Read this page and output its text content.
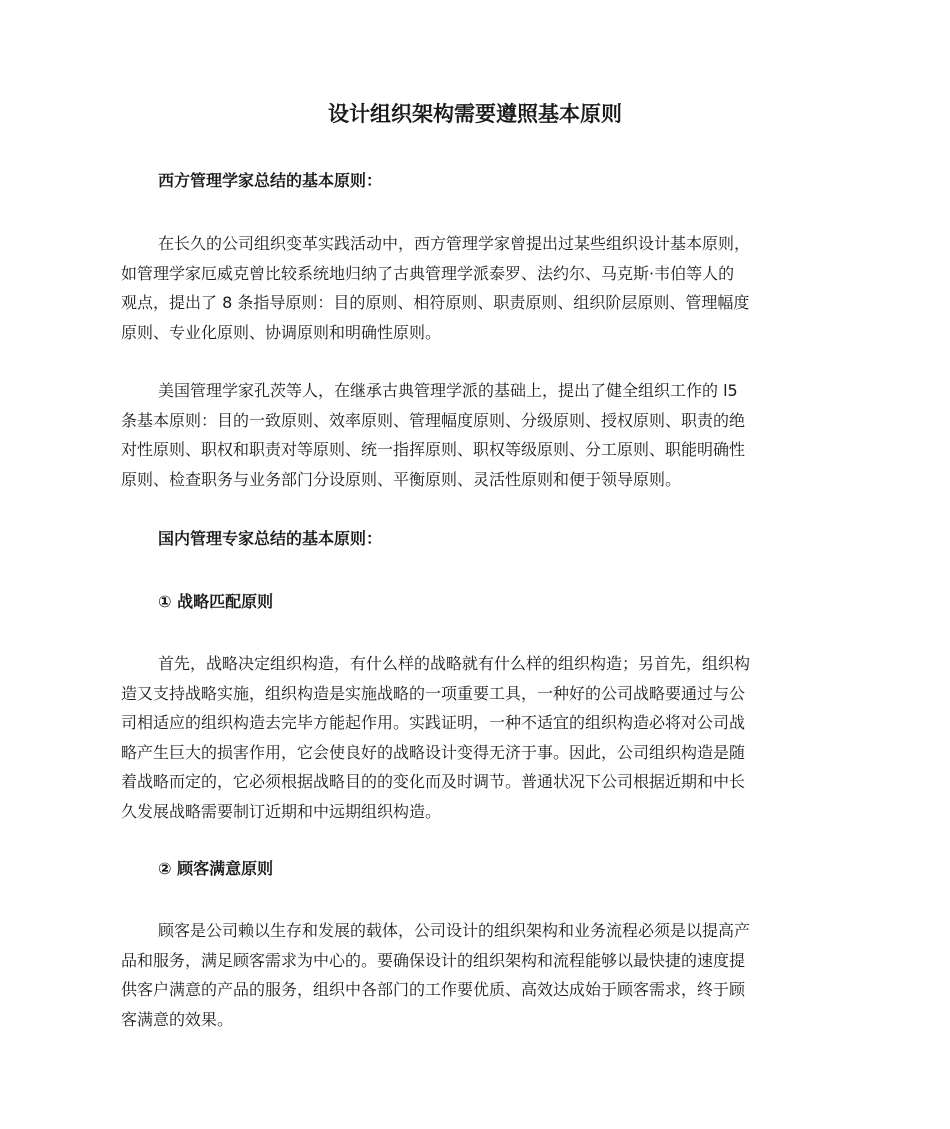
设计组织架构需要遵照基本原则
西方管理学家总结的基本原则：

在长久的公司组织变革实践活动中，西方管理学家曾提出过某些组织设计基本原则，
如管理学家厄威克曾比较系统地归纳了古典管理学派泰罗、法约尔、马克斯·韦伯等人的
观点，提出了 8 条指导原则：目的原则、相符原则、职责原则、组织阶层原则、管理幅度
原则、专业化原则、协调原则和明确性原则。

美国管理学家孔茨等人，在继承古典管理学派的基础上，提出了健全组织工作的 l5
条基本原则：目的一致原则、效率原则、管理幅度原则、分级原则、授权原则、职责的绝
对性原则、职权和职责对等原则、统一指挥原则、职权等级原则、分工原则、职能明确性
原则、检查职务与业务部门分设原则、平衡原则、灵活性原则和便于领导原则。

国内管理专家总结的基本原则：
① 战略匹配原则

首先，战略决定组织构造，有什么样的战略就有什么样的组织构造；另首先，组织构
造又支持战略实施，组织构造是实施战略的一项重要工具，一种好的公司战略要通过与公
司相适应的组织构造去完毕方能起作用。实践证明，一种不适宜的组织构造必将对公司战
略产生巨大的损害作用，它会使良好的战略设计变得无济于事。因此，公司组织构造是随
着战略而定的，它必须根据战略目的的变化而及时调节。普通状况下公司根据近期和中长
久发展战略需要制订近期和中远期组织构造。

② 顾客满意原则

顾客是公司赖以生存和发展的载体，公司设计的组织架构和业务流程必须是以提高产
品和服务，满足顾客需求为中心的。要确保设计的组织架构和流程能够以最快捷的速度提
供客户满意的产品的服务，组织中各部门的工作要优质、高效达成始于顾客需求，终于顾
客满意的效果。
